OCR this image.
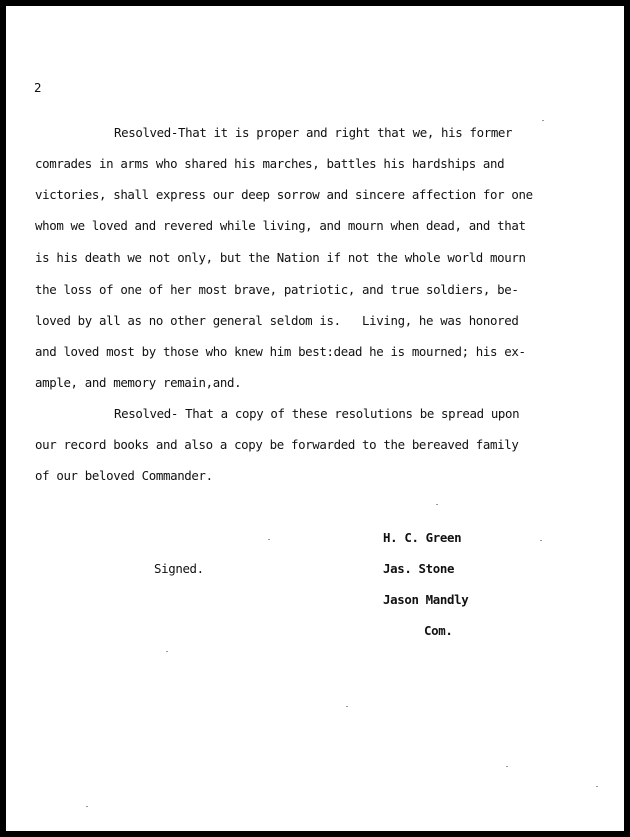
2
Resolved-That it is proper and right that we, his former
comrades in arms who shared his marches, battles his hardships and
victories, shall express our deep sorrow and sincere affection for one
whom we loved and revered while living, and mourn when dead, and that
is his death we not only, but the Nation if not the whole world mourn
the loss of one of her most brave, patriotic, and true soldiers, be-
loved by all as no other general seldom is.   Living, he was honored
and loved most by those who knew him best:dead he is mourned; his ex-
ample, and memory remain,and.
Resolved- That a copy of these resolutions be spread upon
our record books and also a copy be forwarded to the bereaved family
of our beloved Commander.
Signed.
H. C. Green
Jas. Stone
Jason Mandly
Com.
